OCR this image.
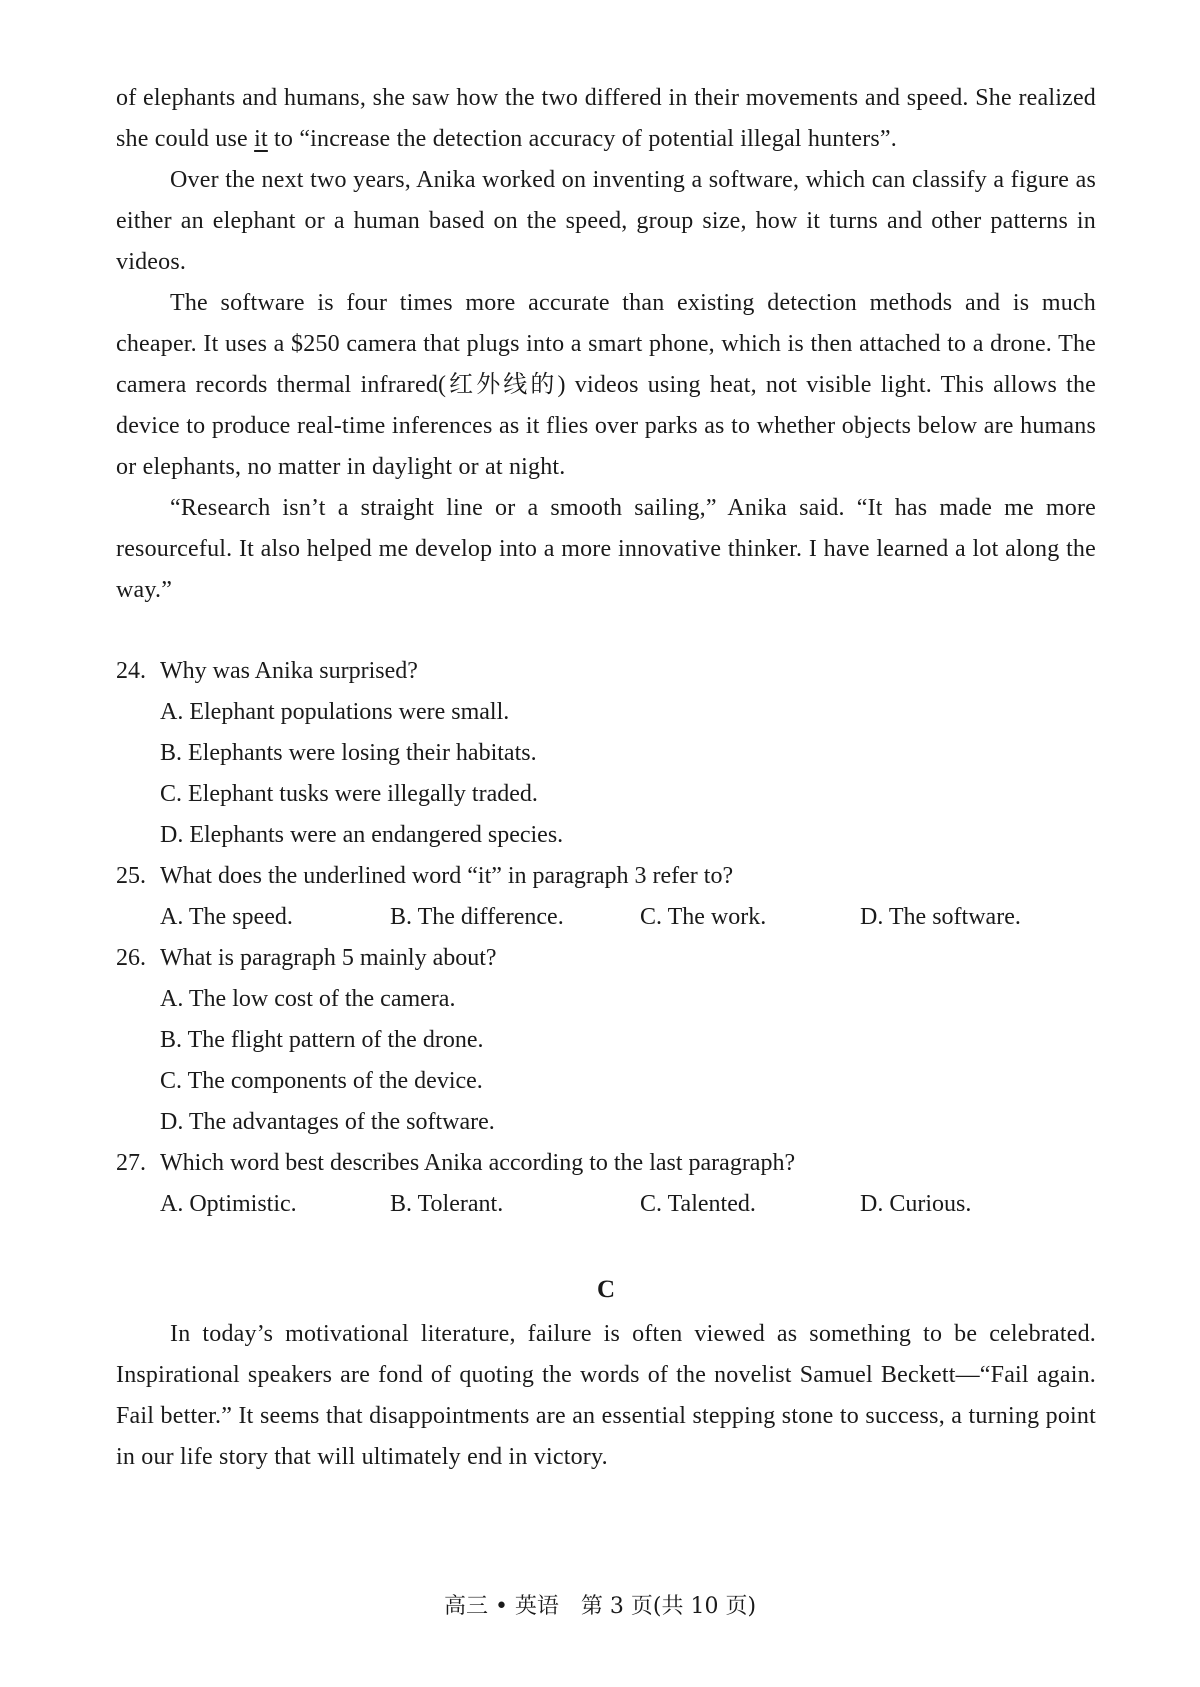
of elephants and humans, she saw how the two differed in their movements and speed. She realized she could use it to “increase the detection accuracy of potential illegal hunters”.

Over the next two years, Anika worked on inventing a software, which can classify a figure as either an elephant or a human based on the speed, group size, how it turns and other patterns in videos.

The software is four times more accurate than existing detection methods and is much cheaper. It uses a $250 camera that plugs into a smart phone, which is then attached to a drone. The camera records thermal infrared(红外线的) videos using heat, not visible light. This allows the device to produce real-time inferences as it flies over parks as to whether objects below are humans or elephants, no matter in daylight or at night.

“Research isn’t a straight line or a smooth sailing,” Anika said. “It has made me more resourceful. It also helped me develop into a more innovative thinker. I have learned a lot along the way.”

24. Why was Anika surprised?

A. Elephant populations were small.

B. Elephants were losing their habitats.

C. Elephant tusks were illegally traded.

D. Elephants were an endangered species.

25. What does the underlined word “it” in paragraph 3 refer to?

A. The speed.	B. The difference.	C. The work.	D. The software.

26. What is paragraph 5 mainly about?

A. The low cost of the camera.

B. The flight pattern of the drone.

C. The components of the device.

D. The advantages of the software.

27. Which word best describes Anika according to the last paragraph?

A. Optimistic.	B. Tolerant.	C. Talented.	D. Curious.
C

In today’s motivational literature, failure is often viewed as something to be celebrated. Inspirational speakers are fond of quoting the words of the novelist Samuel Beckett—“Fail again. Fail better.” It seems that disappointments are an essential stepping stone to success, a turning point in our life story that will ultimately end in victory.

高三 • 英语　第 3 页(共 10 页)
